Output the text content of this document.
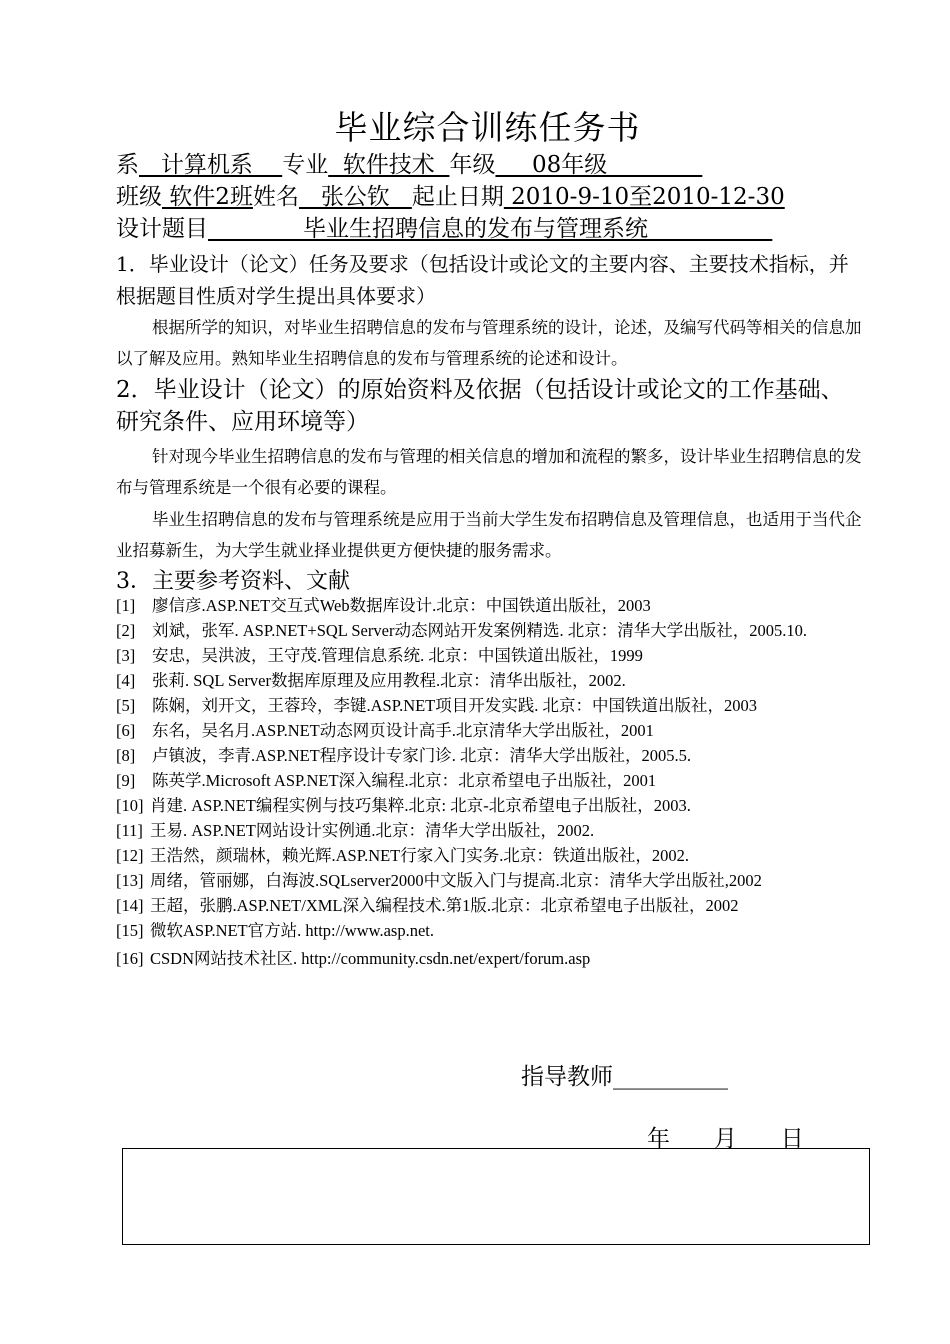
毕业综合训练任务书
系   计算机系    专业  软件技术  年级     08年级
班级 软件2班姓名   张公钦   起止日期 2010-9-10至2010-12-30
设计题目             毕业生招聘信息的发布与管理系统
1．毕业设计（论文）任务及要求（包括设计或论文的主要内容、主要技术指标，并根据题目性质对学生提出具体要求）
根据所学的知识，对毕业生招聘信息的发布与管理系统的设计，论述，及编写代码等相关的信息加以了解及应用。熟知毕业生招聘信息的发布与管理系统的论述和设计。
2．毕业设计（论文）的原始资料及依据（包括设计或论文的工作基础、研究条件、应用环境等）
针对现今毕业生招聘信息的发布与管理的相关信息的增加和流程的繁多，设计毕业生招聘信息的发布与管理系统是一个很有必要的课程。
毕业生招聘信息的发布与管理系统是应用于当前大学生发布招聘信息及管理信息，也适用于当代企业招募新生，为大学生就业择业提供更方便快捷的服务需求。
3．主要参考资料、文献
[1] 廖信彦.ASP.NET交互式Web数据库设计.北京：中国铁道出版社，2003
[2] 刘斌，张军. ASP.NET+SQL Server动态网站开发案例精选. 北京：清华大学出版社，2005.10.
[3] 安忠，吴洪波，王守茂.管理信息系统. 北京：中国铁道出版社，1999
[4] 张莉. SQL Server数据库原理及应用教程.北京：清华出版社，2002.
[5] 陈娴，刘开文，王蓉玲，李键.ASP.NET项目开发实践. 北京：中国铁道出版社，2003
[6] 东名，吴名月.ASP.NET动态网页设计高手.北京清华大学出版社，2001
[8] 卢镇波，李青.ASP.NET程序设计专家门诊. 北京：清华大学出版社，2005.5.
[9] 陈英学.Microsoft ASP.NET深入编程.北京：北京希望电子出版社，2001
[10] 肖建. ASP.NET编程实例与技巧集粹.北京: 北京-北京希望电子出版社，2003.
[11] 王易. ASP.NET网站设计实例通.北京：清华大学出版社，2002.
[12] 王浩然，颜瑞林，赖光辉.ASP.NET行家入门实务.北京：铁道出版社，2002.
[13] 周绪，管丽娜，白海波.SQLserver2000中文版入门与提高.北京：清华大学出版社,2002
[14] 王超，张鹏.ASP.NET/XML深入编程技术.第1版.北京：北京希望电子出版社，2002
[15] 微软ASP.NET官方站. http://www.asp.net.
[16] CSDN网站技术社区. http://community.csdn.net/expert/forum.asp
指导教师__________
年      月      日
